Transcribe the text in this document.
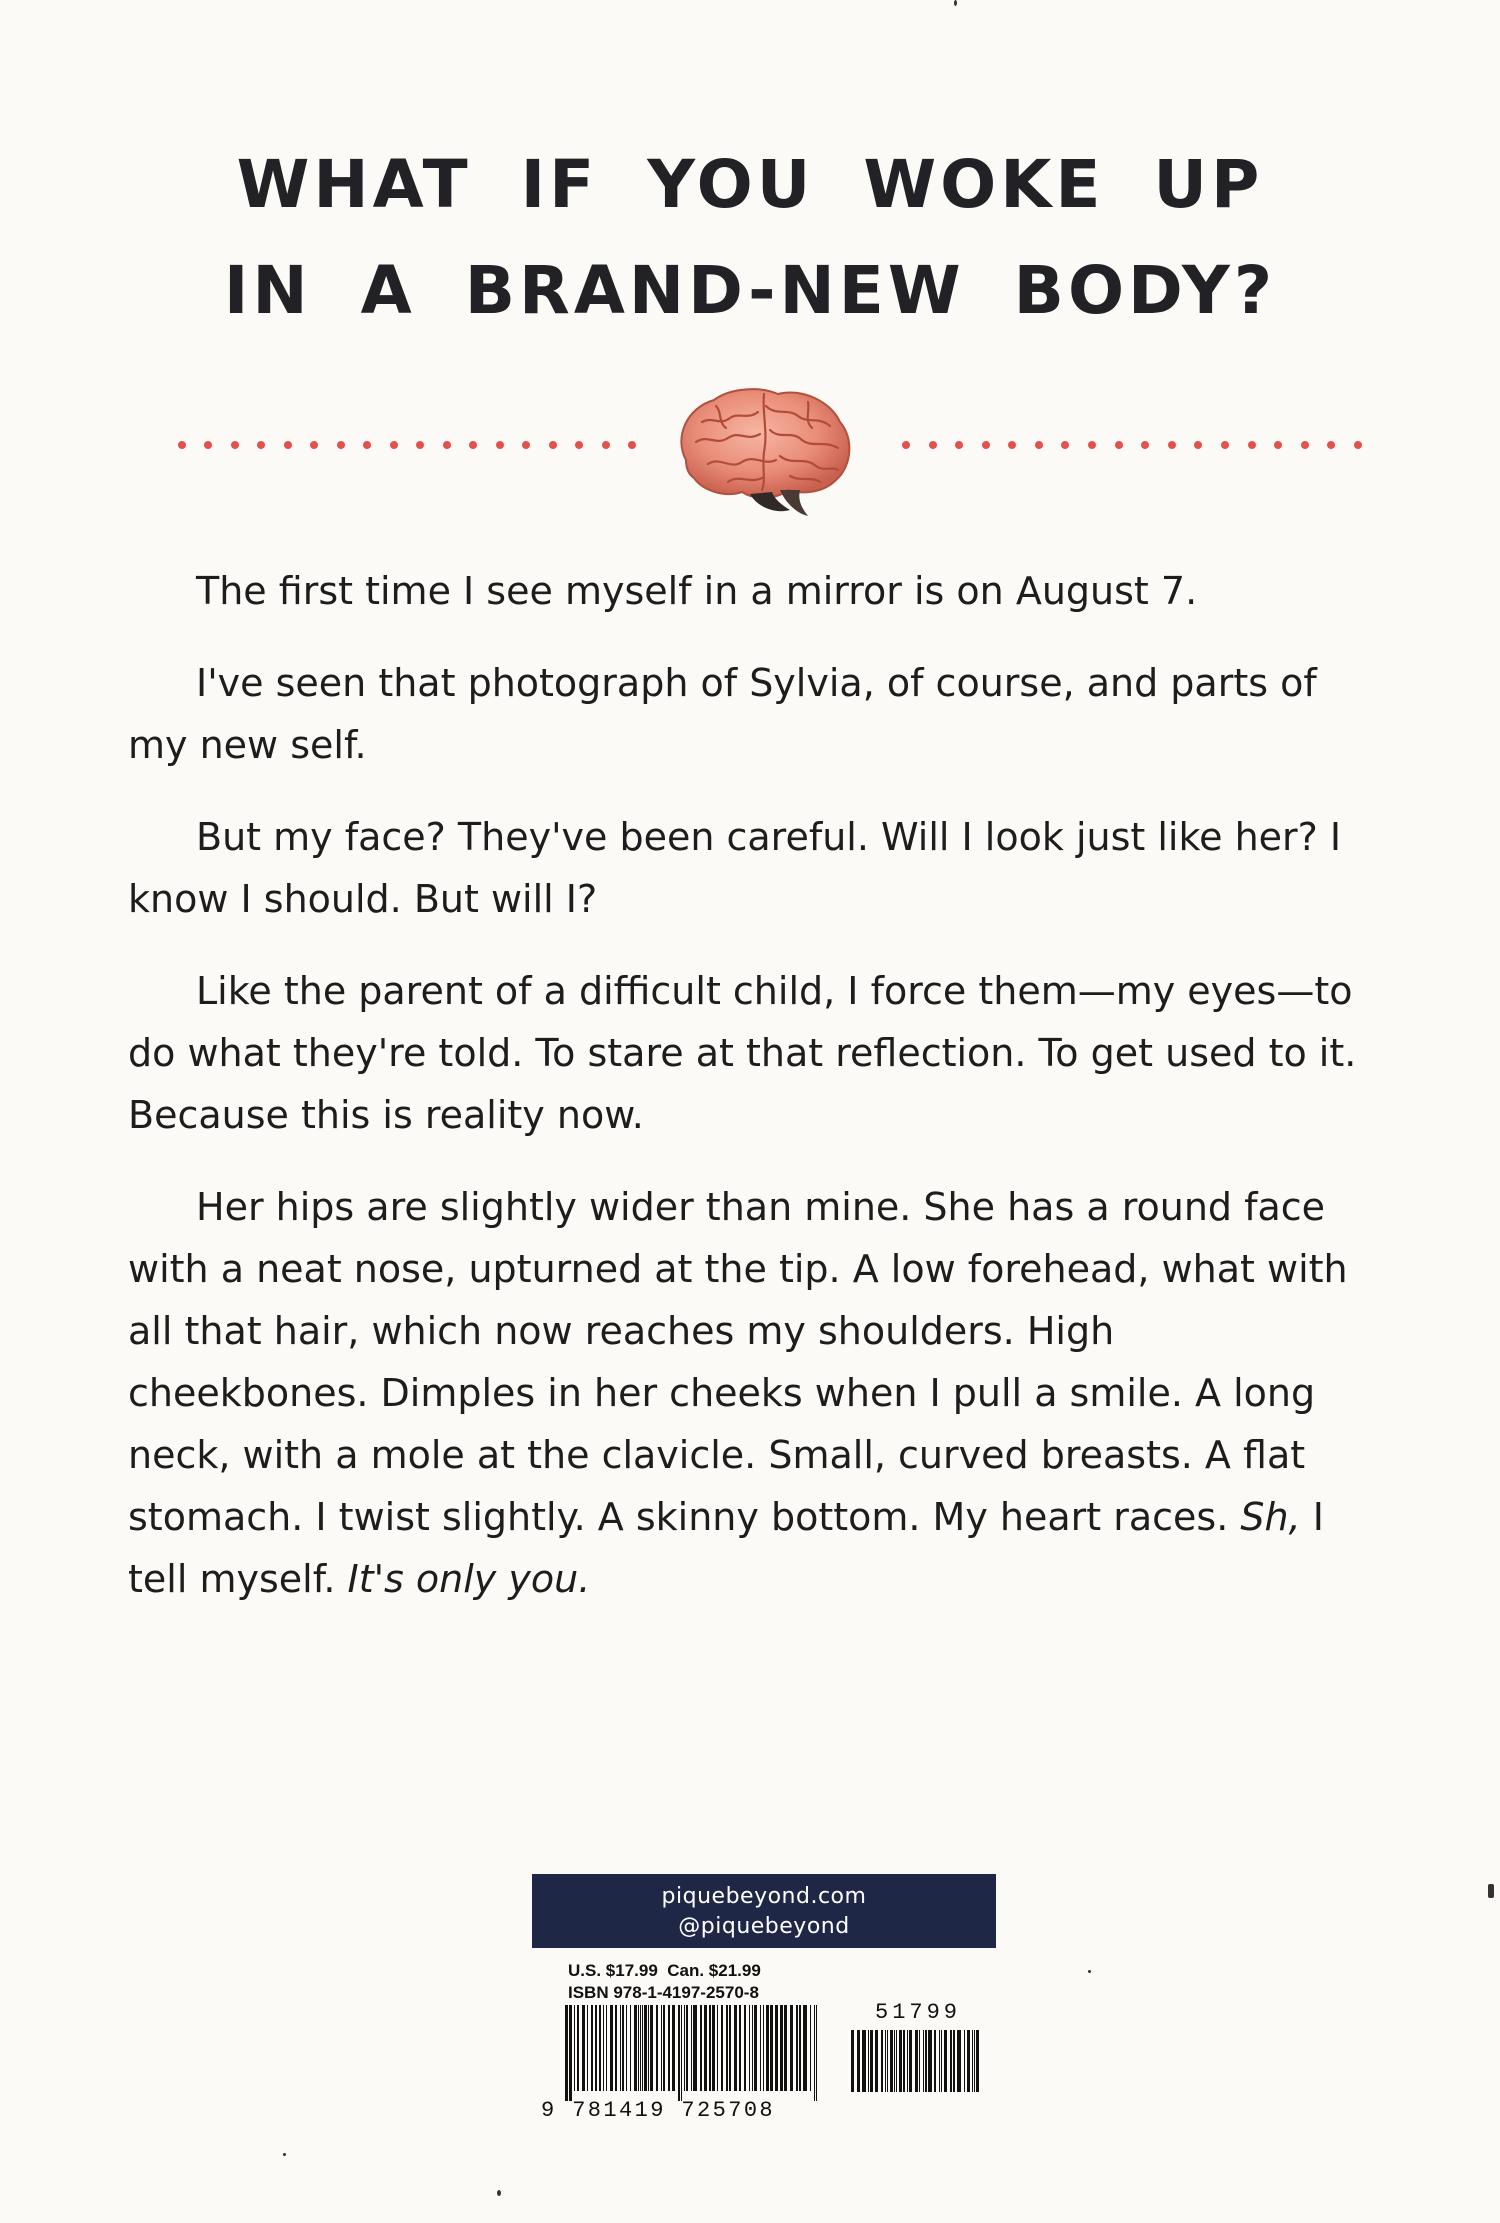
WHAT IF YOU WOKE UP
IN A BRAND-NEW BODY?

The first time I see myself in a mirror is on August 7.

I've seen that photograph of Sylvia, of course, and parts of my new self.

But my face? They've been careful. Will I look just like her? I know I should. But will I?

Like the parent of a difficult child, I force them—my eyes—to do what they're told. To stare at that reflection. To get used to it. Because this is reality now.

Her hips are slightly wider than mine. She has a round face with a neat nose, upturned at the tip. A low forehead, what with all that hair, which now reaches my shoulders. High cheekbones. Dimples in her cheeks when I pull a smile. A long neck, with a mole at the clavicle. Small, curved breasts. A flat stomach. I twist slightly. A skinny bottom. My heart races. Sh, I tell myself. It's only you.

piquebeyond.com
@piquebeyond
U.S. $17.99  Can. $21.99
ISBN 978-1-4197-2570-8
9 781419 725708
51799
